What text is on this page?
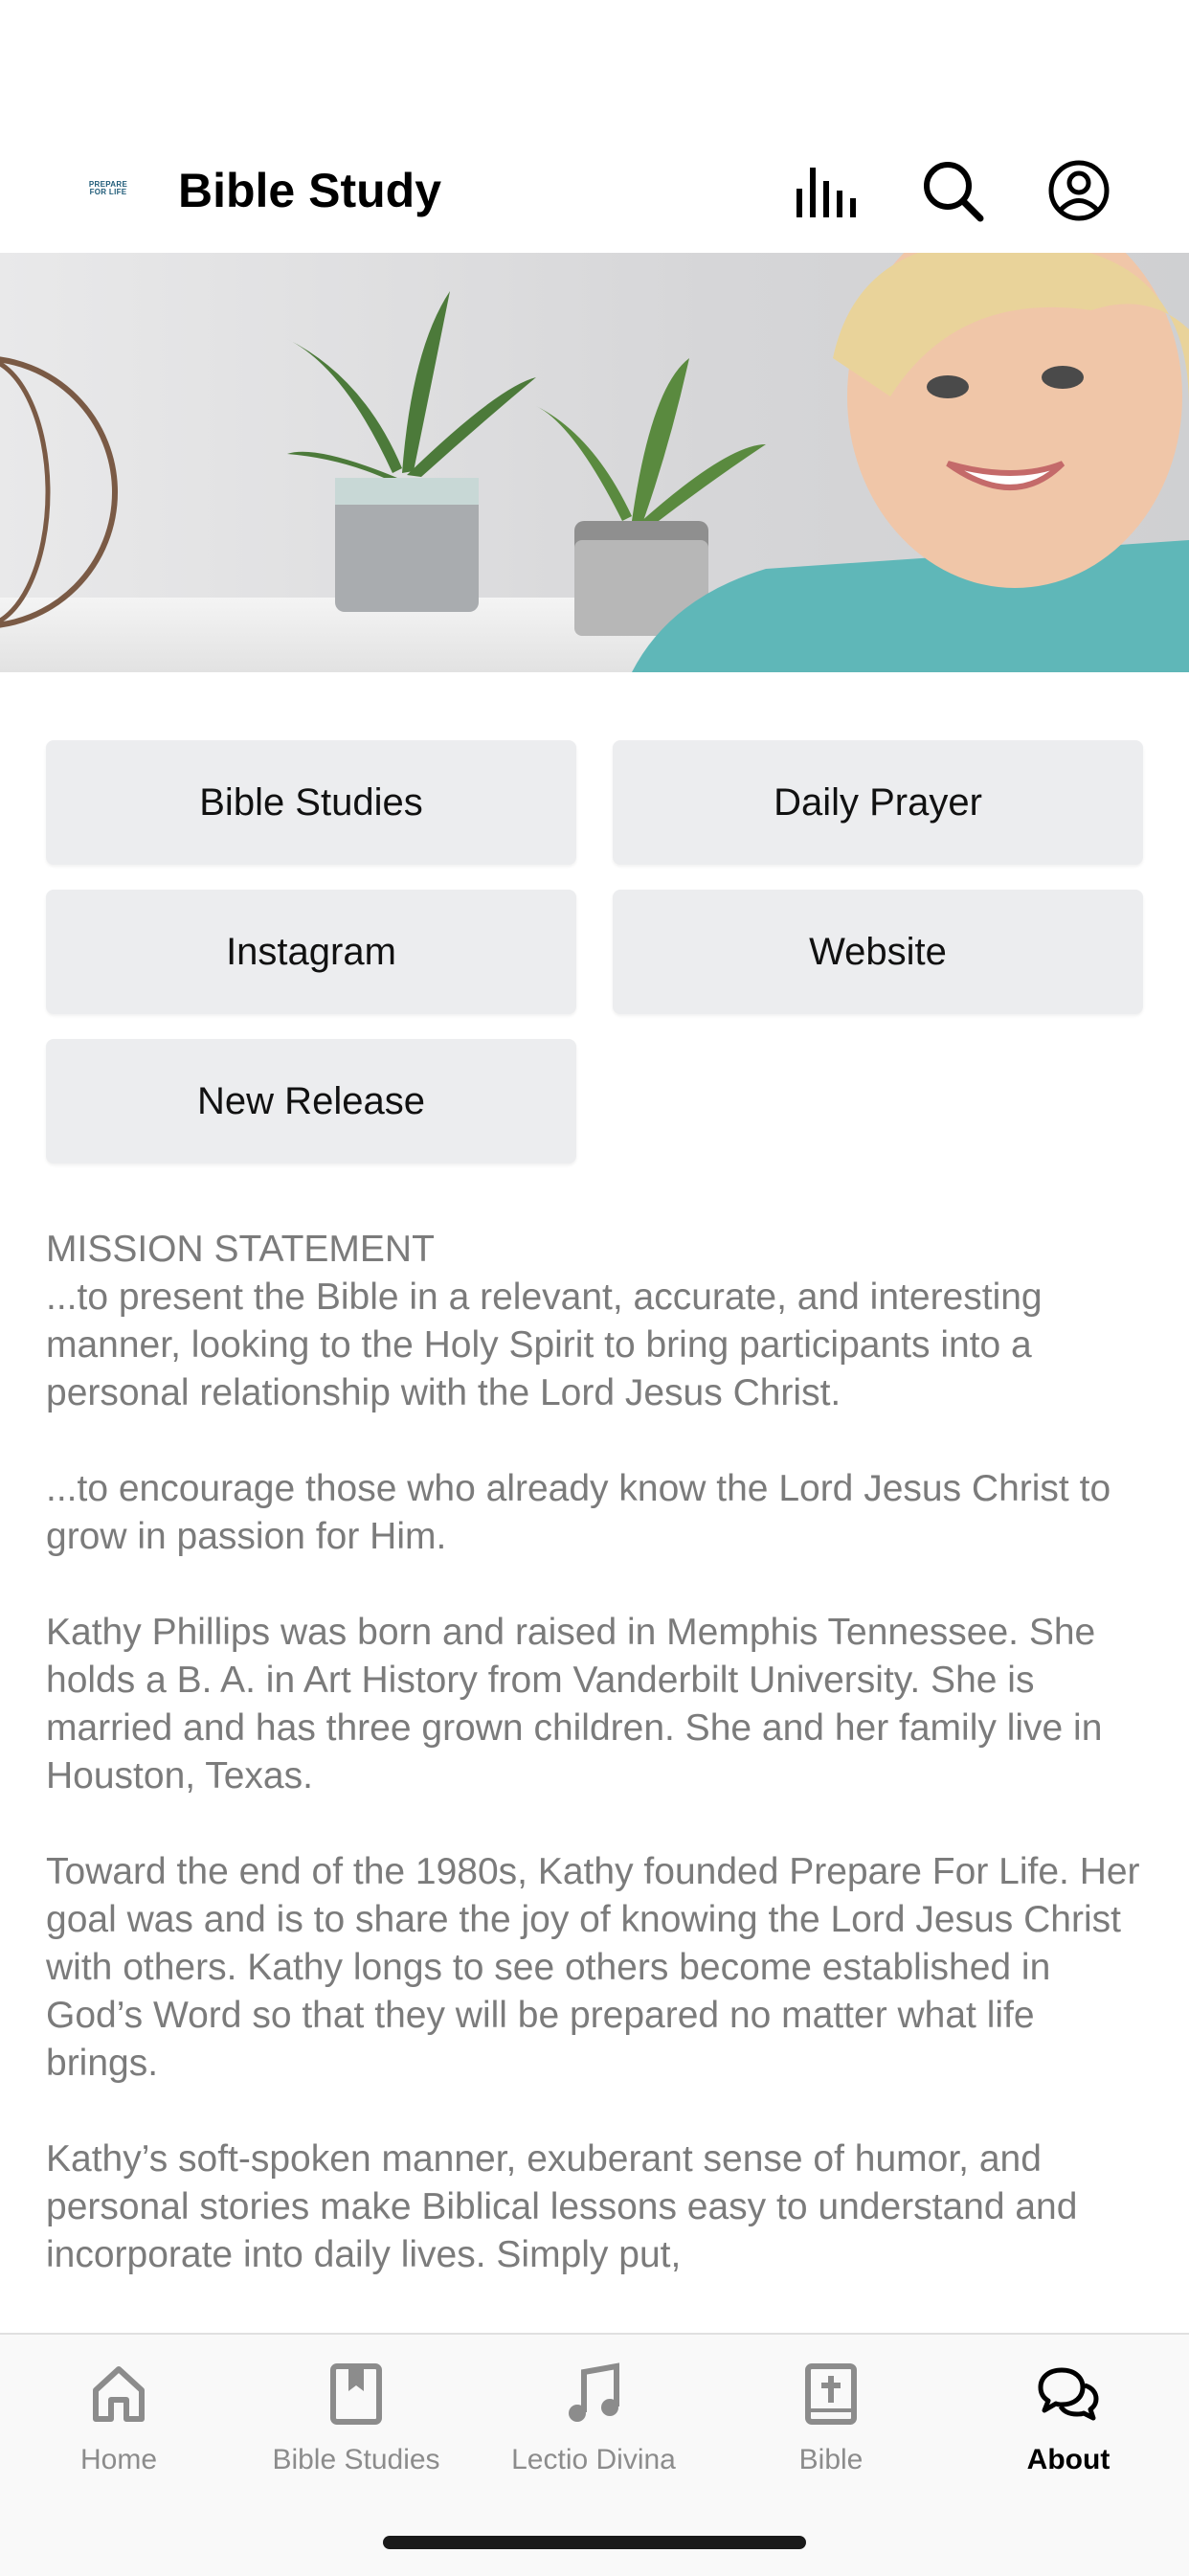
PREPARE
FOR LIFE Bible Study
Bible Studies	Daily Prayer
Instagram	Website
New Release

MISSION STATEMENT

...to present the Bible in a relevant, accurate, and interesting manner, looking to the Holy Spirit to bring participants into a personal relationship with the Lord Jesus Christ.

...to encourage those who already know the Lord Jesus Christ to grow in passion for Him.

Kathy Phillips was born and raised in Memphis Tennessee. She holds a B. A. in Art History from Vanderbilt University. She is married and has three grown children. She and her family live in Houston, Texas.

Toward the end of the 1980s, Kathy founded Prepare For Life. Her goal was and is to share the joy of knowing the Lord Jesus Christ with others. Kathy longs to see others become established in God’s Word so that they will be prepared no matter what life brings.

Kathy’s soft-spoken manner, exuberant sense of humor, and personal stories make Biblical lessons easy to understand and incorporate into daily lives. Simply put,

Home	Bible Studies Lectio Divina	Bible	About
